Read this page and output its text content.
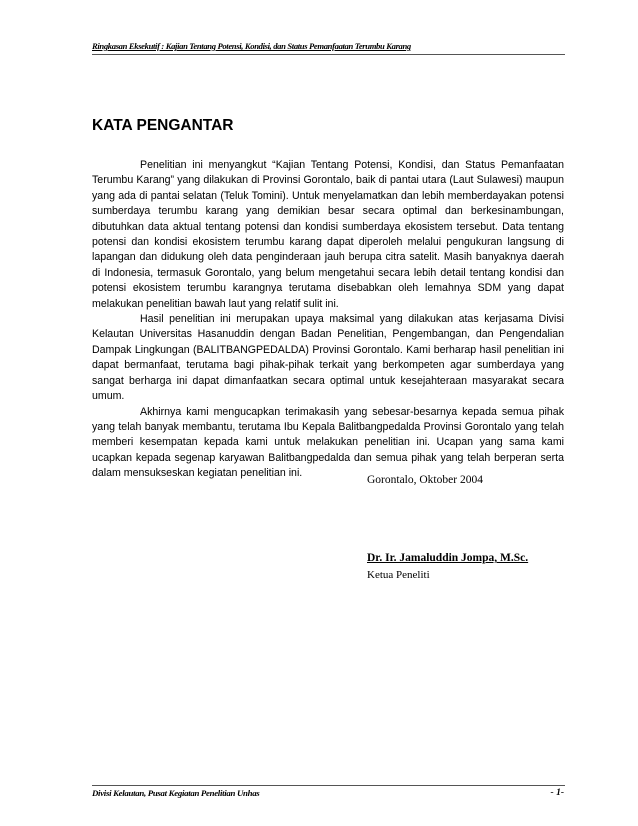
Ringkasan Eksekutif : Kajian Tentang Potensi, Kondisi, dan Status Pemanfaatan Terumbu Karang
KATA PENGANTAR

Penelitian ini menyangkut “Kajian Tentang Potensi, Kondisi, dan Status Pemanfaatan Terumbu Karang” yang dilakukan di Provinsi Gorontalo, baik di pantai utara (Laut Sulawesi) maupun yang ada di pantai selatan (Teluk Tomini). Untuk menyelamatkan dan lebih memberdayakan potensi sumberdaya terumbu karang yang demikian besar secara optimal dan berkesinambungan, dibutuhkan data aktual tentang potensi dan kondisi sumberdaya ekosistem tersebut. Data tentang potensi dan kondisi ekosistem terumbu karang dapat diperoleh melalui pengukuran langsung di lapangan dan didukung oleh data penginderaan jauh berupa citra satelit. Masih banyaknya daerah di Indonesia, termasuk Gorontalo, yang belum mengetahui secara lebih detail tentang kondisi dan potensi ekosistem terumbu karangnya terutama disebabkan oleh lemahnya SDM yang dapat melakukan penelitian bawah laut yang relatif sulit ini.

Hasil penelitian ini merupakan upaya maksimal yang dilakukan atas kerjasama Divisi Kelautan Universitas Hasanuddin dengan Badan Penelitian, Pengembangan, dan Pengendalian Dampak Lingkungan (BALITBANGPEDALDA) Provinsi Gorontalo. Kami berharap hasil penelitian ini dapat bermanfaat, terutama bagi pihak-pihak terkait yang berkompeten agar sumberdaya yang sangat berharga ini dapat dimanfaatkan secara optimal untuk kesejahteraan masyarakat secara umum.

Akhirnya kami mengucapkan terimakasih yang sebesar-besarnya kepada semua pihak yang telah banyak membantu, terutama Ibu Kepala Balitbangpedalda Provinsi Gorontalo yang telah memberi kesempatan kepada kami untuk melakukan penelitian ini. Ucapan yang sama kami ucapkan kepada segenap karyawan Balitbangpedalda dan semua pihak yang telah berperan serta dalam mensukseskan kegiatan penelitian ini.

Gorontalo, Oktober 2004
Dr. Ir. Jamaluddin Jompa, M.Sc.
Ketua Peneliti
Divisi Kelautan, Pusat Kegiatan Penelitian Unhas	- 1-
